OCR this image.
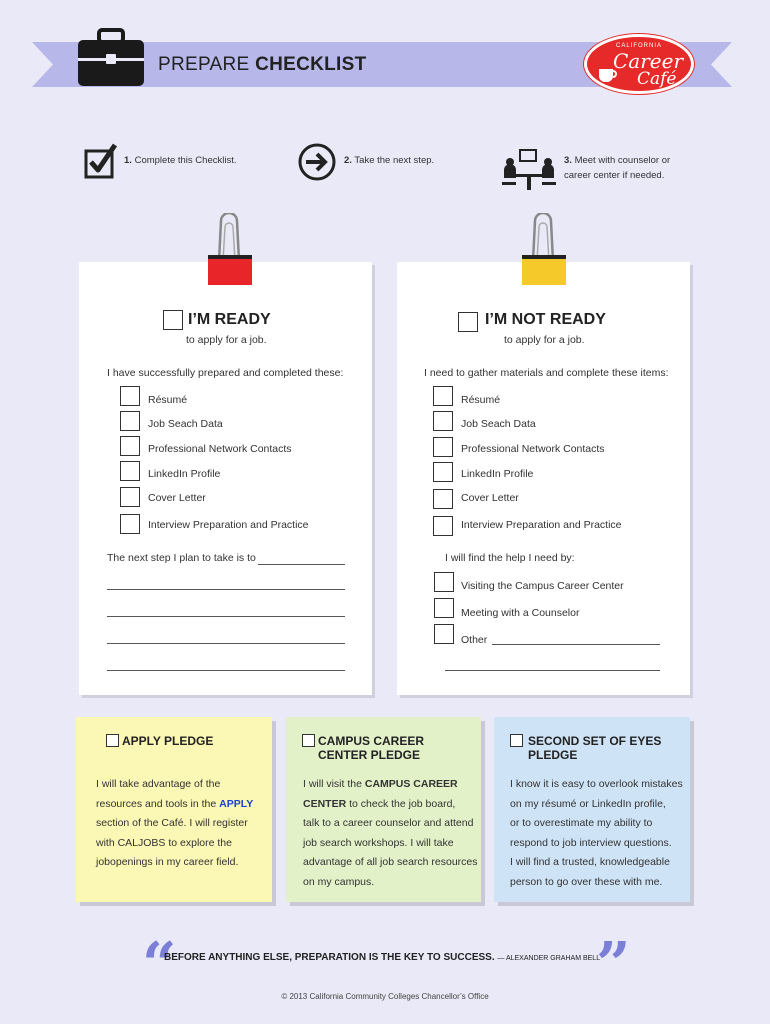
PREPARE CHECKLIST
CALIFORNIA
Career
Café
1. Complete this Checklist.	2. Take the next step.	3. Meet with counselor or
career center if needed.
I’M READY
to apply for a job.
I have successfully prepared and completed these:
Résumé
Job Seach Data
Professional Network Contacts
LinkedIn Profile
Cover Letter
Interview Preparation and Practice
The next step I plan to take is to
I’M NOT READY
to apply for a job.
I need to gather materials and complete these items:
Résumé
Job Seach Data
Professional Network Contacts
LinkedIn Profile
Cover Letter
Interview Preparation and Practice
I will find the help I need by:
Visiting the Campus Career Center
Meeting with a Counselor
Other
APPLY PLEDGE
I will take advantage of the
resources and tools in the APPLY
section of the Café. I will register
with CALJOBS to explore the
jobopenings in my career field.
CAMPUS CAREER
CENTER PLEDGE
I will visit the CAMPUS CAREER
CENTER to check the job board,
talk to a career counselor and attend
job search workshops. I will take
advantage of all job search resources
on my campus.
SECOND SET OF EYES
PLEDGE
I know it is easy to overlook mistakes
on my résumé or LinkedIn profile,
or to overestimate my ability to
respond to job interview questions.
I will find a trusted, knowledgeable
person to go over these with me.
“	”
BEFORE ANYTHING ELSE, PREPARATION IS THE KEY TO SUCCESS. — ALEXANDER GRAHAM BELL
© 2013 California Community Colleges Chancellor’s Office
